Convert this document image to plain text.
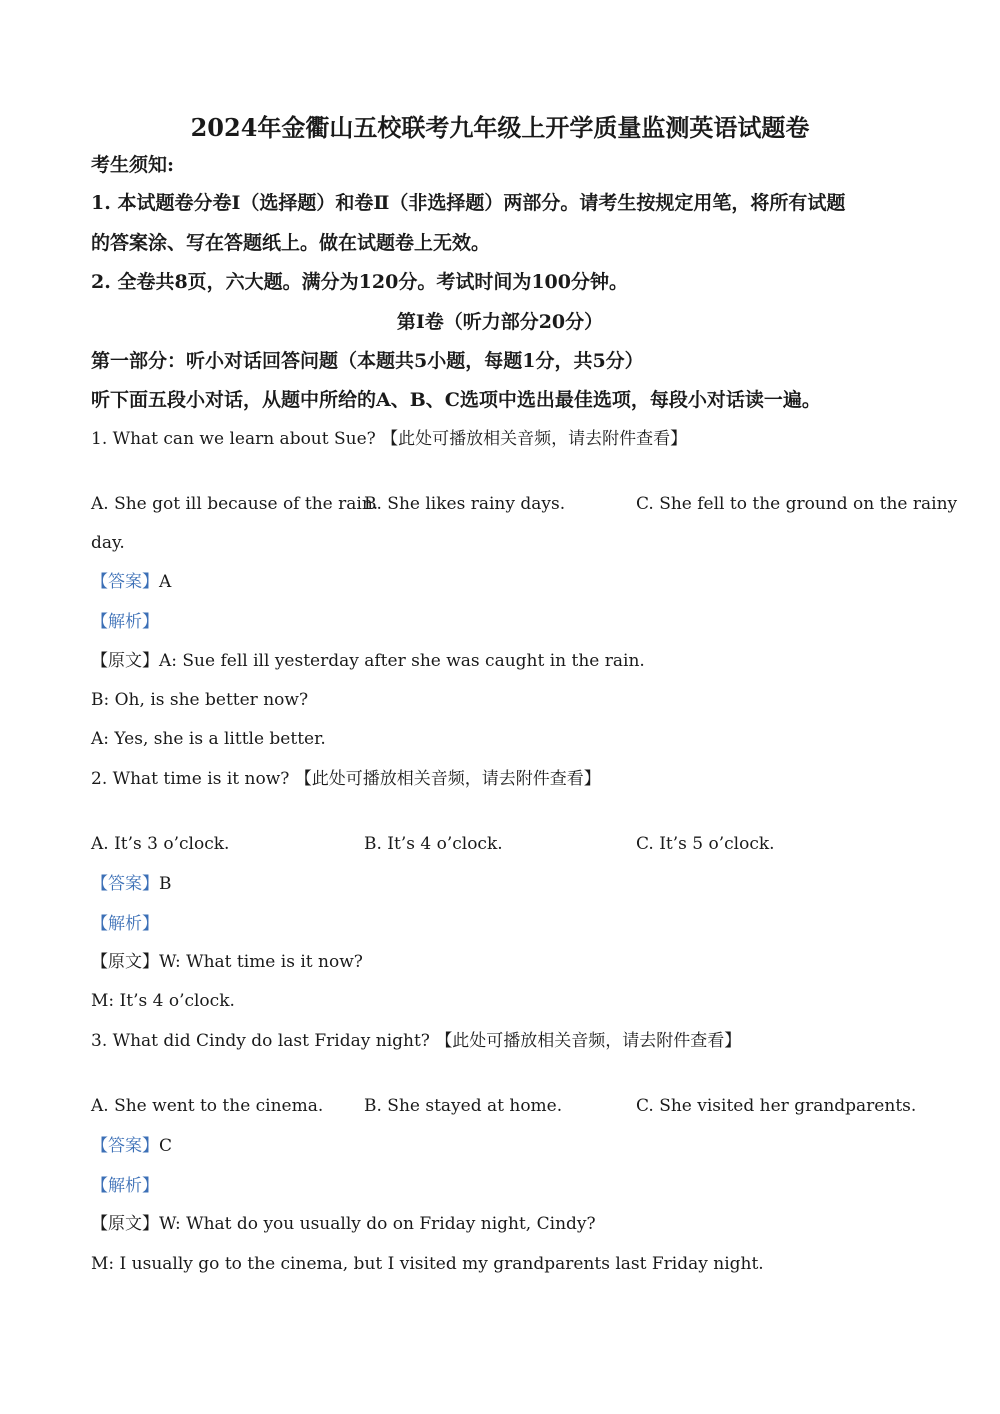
2024年金衢山五校联考九年级上开学质量监测英语试题卷
考生须知:
1. 本试题卷分卷Ⅰ（选择题）和卷Ⅱ（非选择题）两部分。请考生按规定用笔，将所有试题
的答案涂、写在答题纸上。做在试题卷上无效。
2. 全卷共8页，六大题。满分为120分。考试时间为100分钟。
第Ⅰ卷（听力部分20分）
第一部分：听小对话回答问题（本题共5小题，每题1分，共5分）
听下面五段小对话，从题中所给的A、B、C选项中选出最佳选项，每段小对话读一遍。
1. What can we learn about Sue? 【此处可播放相关音频，请去附件查看】
A. She got ill because of the rain.
B. She likes rainy days.	C. She fell to the ground on the rainy
day.
【答案】A
【解析】
【原文】A: Sue fell ill yesterday after she was caught in the rain.
B: Oh, is she better now?
A: Yes, she is a little better.
2. What time is it now? 【此处可播放相关音频，请去附件查看】
A. It’s 3 o’clock.	B. It’s 4 o’clock.	C. It’s 5 o’clock.
【答案】B
【解析】
【原文】W: What time is it now?
M: It’s 4 o’clock.
3. What did Cindy do last Friday night? 【此处可播放相关音频，请去附件查看】
A. She went to the cinema. B. She stayed at home.	C. She visited her grandparents.
【答案】C
【解析】
【原文】W: What do you usually do on Friday night, Cindy?
M: I usually go to the cinema, but I visited my grandparents last Friday night.
